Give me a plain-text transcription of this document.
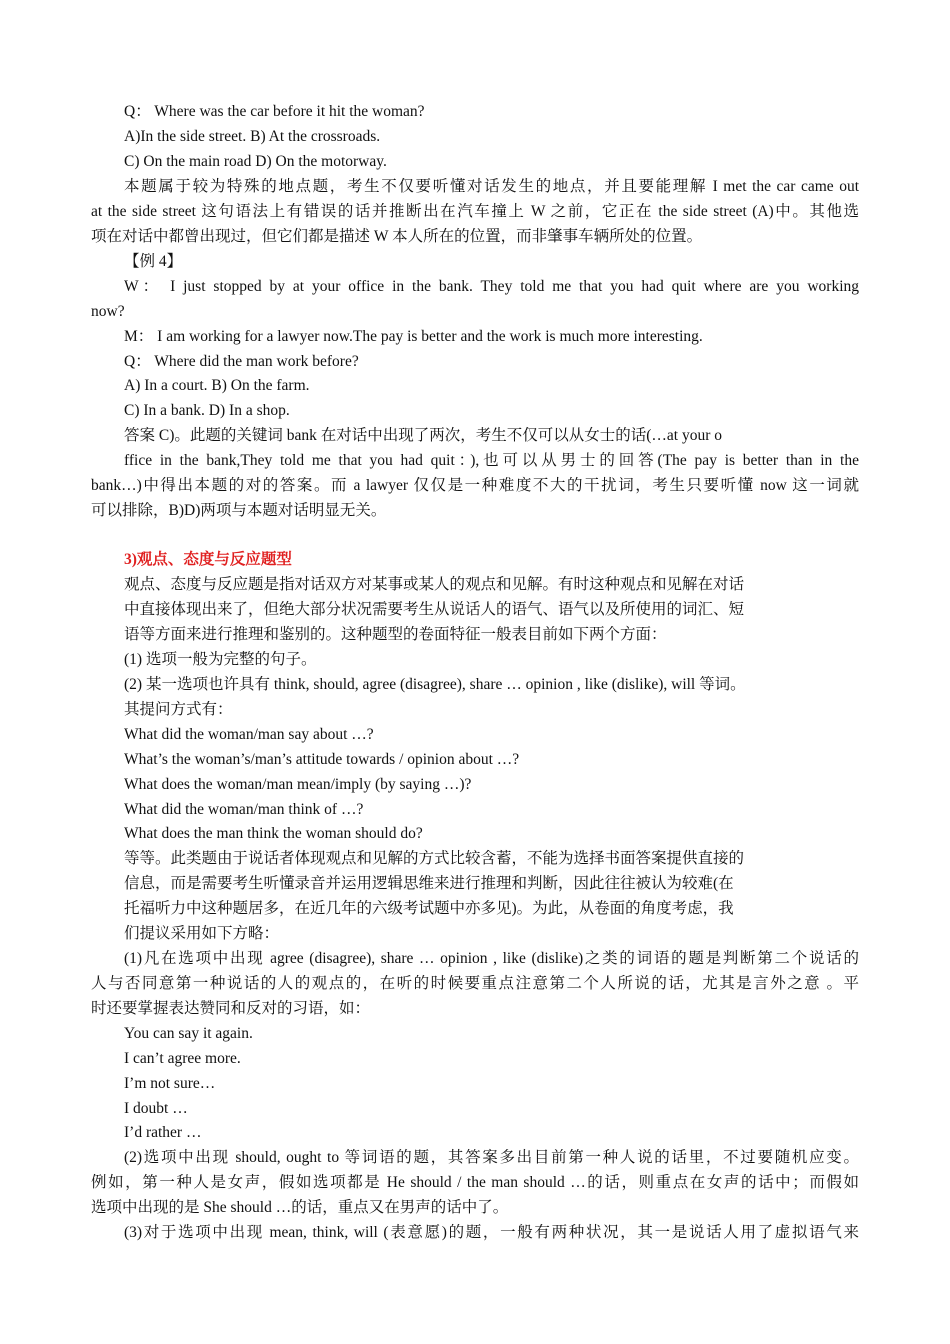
Q： Where was the car before it hit the woman?
A)In the side street. B) At the crossroads.
C) On the main road D) On the motorway.
本题属于较为特殊的地点题，考生不仅要听懂对话发生的地点，并且要能理解 I met the car came out
at the side street 这句语法上有错误的话并推断出在汽车撞上 W 之前，它正在 the side street (A)中。其他选
项在对话中都曾出现过，但它们都是描述 W 本人所在的位置，而非肇事车辆所处的位置。
【例 4】
W： I just stopped by at your office in the bank. They told me that you had quit where are you working
now?
M： I am working for a lawyer now.The pay is better and the work is much more interesting.
Q： Where did the man work before?
A) In a court. B) On the farm.
C) In a bank. D) In a shop.
答案 C)。此题的关键词 bank 在对话中出现了两次，考生不仅可以从女士的话(…at your o
ffice in the bank,They told me that you had quit：),也可以从男士的回答(The pay is better than in the
bank…)中得出本题的对的答案。而 a lawyer 仅仅是一种难度不大的干扰词，考生只要听懂 now 这一词就
可以排除，B)D)两项与本题对话明显无关。
3)观点、态度与反应题型
观点、态度与反应题是指对话双方对某事或某人的观点和见解。有时这种观点和见解在对话
中直接体现出来了，但绝大部分状况需要考生从说话人的语气、语气以及所使用的词汇、短
语等方面来进行推理和鉴别的。这种题型的卷面特征一般表目前如下两个方面：
(1) 选项一般为完整的句子。
(2) 某一选项也许具有 think, should, agree (disagree), share … opinion , like (dislike), will 等词。
其提问方式有：
What did the woman/man say about …?
What’s the woman’s/man’s attitude towards / opinion about …?
What does the woman/man mean/imply (by saying …)?
What did the woman/man think of …?
What does the man think the woman should do?
等等。此类题由于说话者体现观点和见解的方式比较含蓄，不能为选择书面答案提供直接的
信息，而是需要考生听懂录音并运用逻辑思维来进行推理和判断，因此往往被认为较难(在
托福听力中这种题居多，在近几年的六级考试题中亦多见)。为此，从卷面的角度考虑，我
们提议采用如下方略：
(1)凡在选项中出现 agree (disagree), share … opinion , like (dislike)之类的词语的题是判断第二个说话的
人与否同意第一种说话的人的观点的，在听的时候要重点注意第二个人所说的话，尤其是言外之意 。平
时还要掌握表达赞同和反对的习语，如：
You can say it again.
I can’t agree more.
I’m not sure…
I doubt …
I’d rather …
(2)选项中出现 should, ought to 等词语的题，其答案多出目前第一种人说的话里，不过要随机应变。
例如，第一种人是女声，假如选项都是 He should / the man should …的话，则重点在女声的话中；而假如
选项中出现的是 She should …的话，重点又在男声的话中了。
(3)对于选项中出现 mean, think, will (表意愿)的题，一般有两种状况，其一是说话人用了虚拟语气来
